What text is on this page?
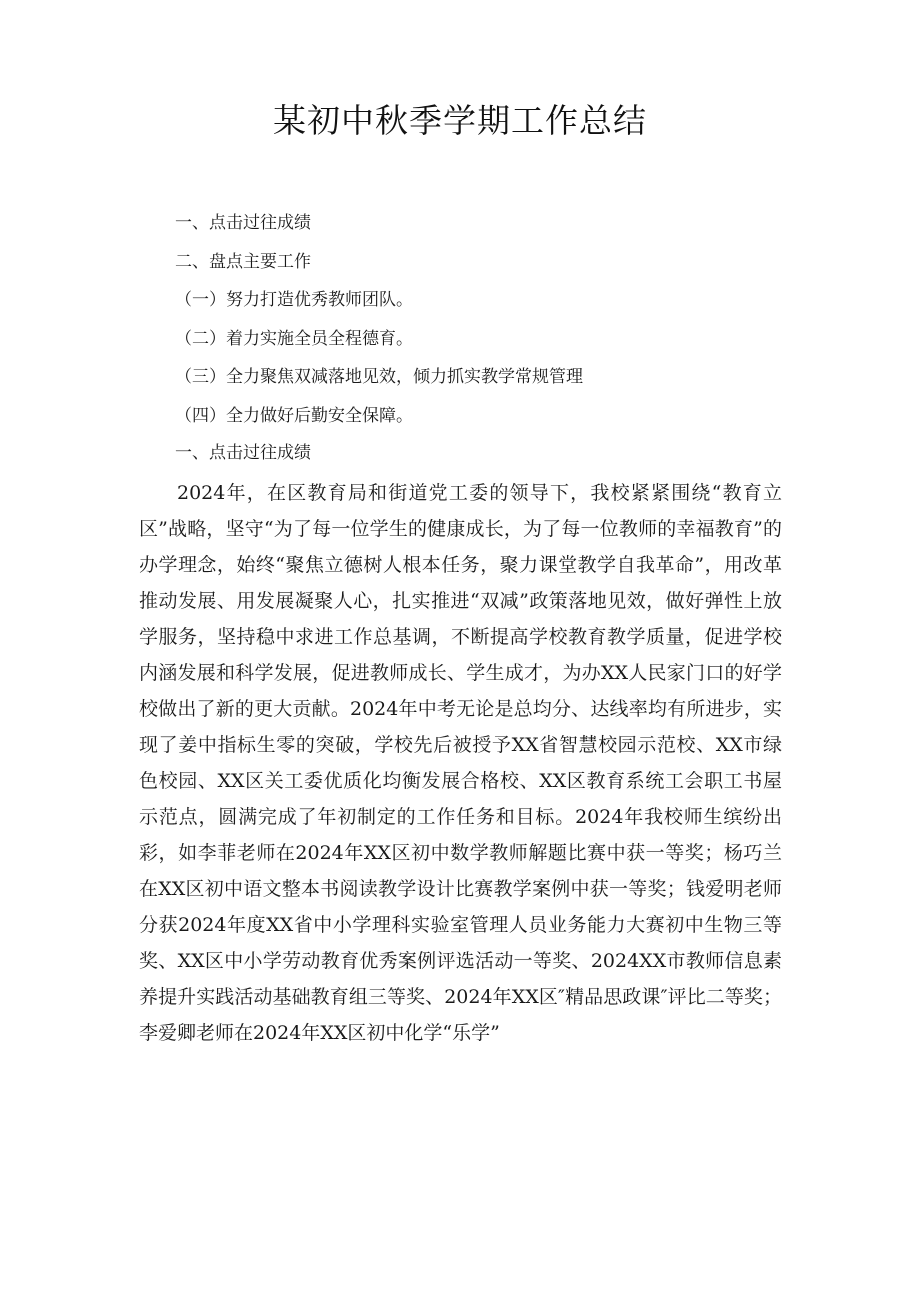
某初中秋季学期工作总结
一、点击过往成绩
二、盘点主要工作
（一）努力打造优秀教师团队。
（二）着力实施全员全程德育。
（三）全力聚焦双减落地见效，倾力抓实教学常规管理
（四）全力做好后勤安全保障。
一、点击过往成绩

2024年，在区教育局和街道党工委的领导下，我校紧紧围绕“教育立区”战略，坚守“为了每一位学生的健康成长，为了每一位教师的幸福教育”的办学理念，始终“聚焦立德树人根本任务，聚力课堂教学自我革命”，用改革推动发展、用发展凝聚人心，扎实推进“双减”政策落地见效，做好弹性上放学服务，坚持稳中求进工作总基调，不断提高学校教育教学质量，促进学校内涵发展和科学发展，促进教师成长、学生成才，为办XX人民家门口的好学校做出了新的更大贡献。2024年中考无论是总均分、达线率均有所进步，实现了姜中指标生零的突破，学校先后被授予XX省智慧校园示范校、XX市绿色校园、XX区关工委优质化均衡发展合格校、XX区教育系统工会职工书屋示范点，圆满完成了年初制定的工作任务和目标。2024年我校师生缤纷出彩，如李菲老师在2024年XX区初中数学教师解题比赛中获一等奖；杨巧兰在XX区初中语文整本书阅读教学设计比赛教学案例中获一等奖；钱爱明老师分获2024年度XX省中小学理科实验室管理人员业务能力大赛初中生物三等奖、XX区中小学劳动教育优秀案例评选活动一等奖、2024XX市教师信息素养提升实践活动基础教育组三等奖、2024年XX区″精品思政课″评比二等奖；李爱卿老师在2024年XX区初中化学“乐学”
